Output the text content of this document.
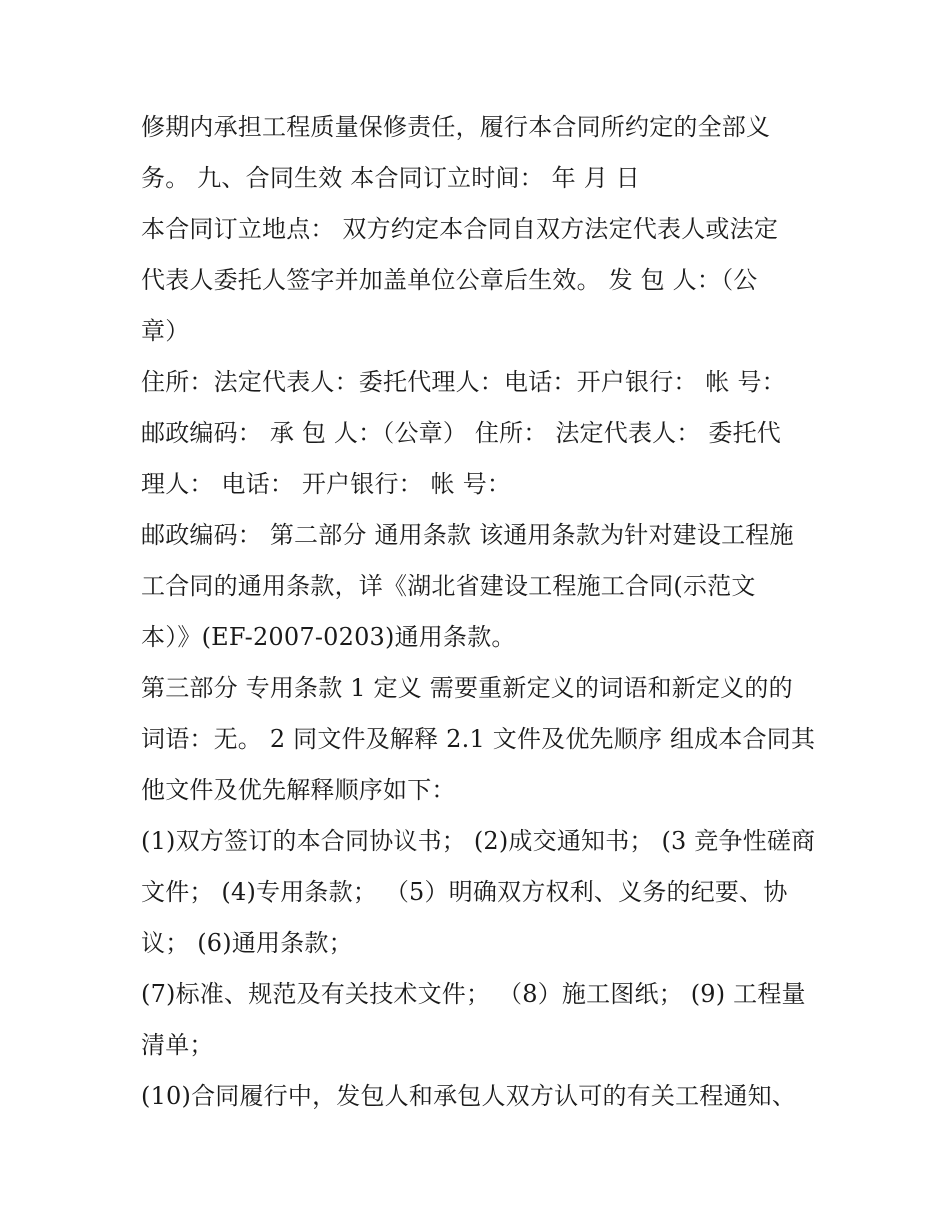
修期内承担工程质量保修责任，履行本合同所约定的全部义
务。 九、合同生效 本合同订立时间： 年 月 日
本合同订立地点： 双方约定本合同自双方法定代表人或法定
代表人委托人签字并加盖单位公章后生效。 发 包 人：（公
章）
住所：法定代表人：委托代理人：电话：开户银行： 帐 号：
邮政编码： 承 包 人：（公章） 住所： 法定代表人： 委托代
理人： 电话： 开户银行： 帐 号：
邮政编码： 第二部分 通用条款 该通用条款为针对建设工程施
工合同的通用条款，详《湖北省建设工程施工合同(示范文
本）》(EF-2007-0203)通用条款。
第三部分 专用条款 1 定义 需要重新定义的词语和新定义的的
词语：无。 2 同文件及解释 2.1 文件及优先顺序 组成本合同其
他文件及优先解释顺序如下：
(1)双方签订的本合同协议书； (2)成交通知书； (3 竞争性磋商
文件； (4)专用条款； （5）明确双方权利、义务的纪要、协
议； (6)通用条款；
(7)标准、规范及有关技术文件； （8）施工图纸； (9) 工程量
清单；
(10)合同履行中，发包人和承包人双方认可的有关工程通知、
